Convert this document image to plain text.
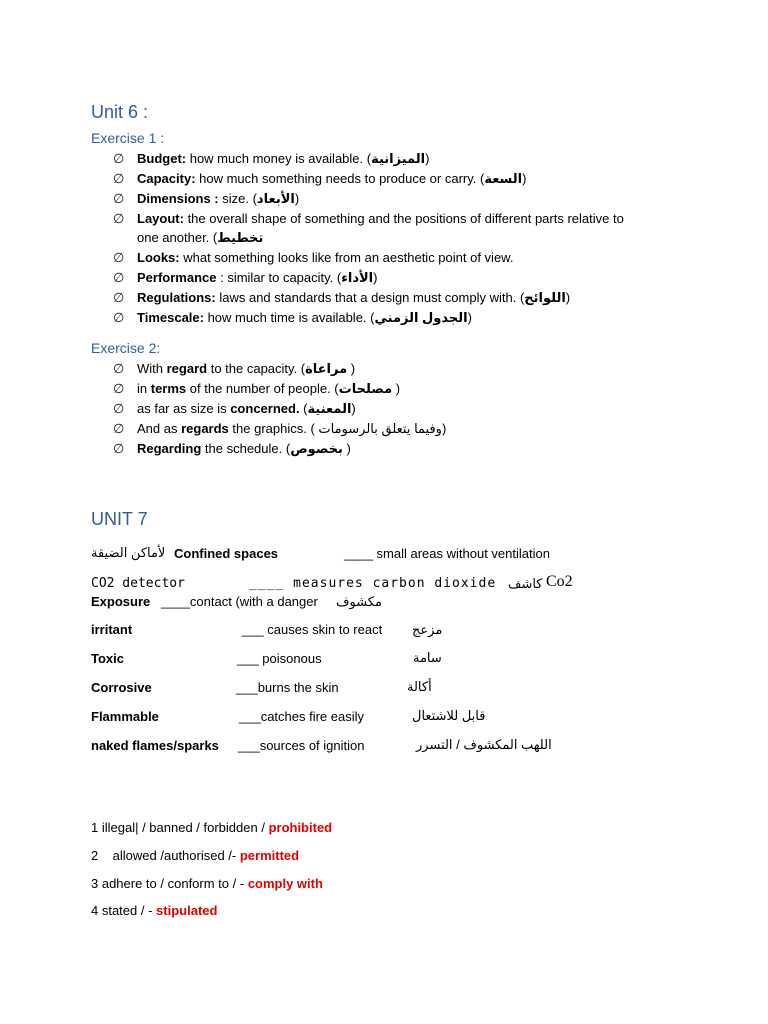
Unit 6 :
Exercise 1 :
∅ Budget: how much money is available. (الميزانية)
∅ Capacity: how much something needs to produce or carry. (السعة)
∅ Dimensions : size. (الأبعاد)
∅ Layout: the overall shape of something and the positions of different parts relative to
one another. (تخطيط
∅ Looks: what something looks like from an aesthetic point of view.
∅ Performance : similar to capacity. (الأداء)
∅ Regulations: laws and standards that a design must comply with. (اللوائح)
∅ Timescale: how much time is available. (الجدول الزمني)
Exercise 2:
∅ With regard to the capacity. (مراعاة )
∅ in terms of the number of people. (مصلحات )
∅ as far as size is concerned. (المعنية)
∅ And as regards the graphics. ( وفيما يتعلق بالرسومات)
∅ Regarding the schedule. (بخصوص )
UNIT 7
لأماكن الضيقة Confined spaces	____ small areas without ventilation
CO2 detector	____ measures carbon dioxide كاشف Co2
Exposure ____contact (with a danger مكشوف
irritant	___ causes skin to react مزعج
Toxic	___ poisonous	سامة
Corrosive	___burns the skin	أكالة
Flammable	___catches fire easily	قابل للاشتعال
naked flames/sparks ___sources of ignition	اللهب المكشوف / التسرر
1 illegal| / banned / forbidden / prohibited
2    allowed /authorised /- permitted
3 adhere to / conform to / - comply with
4 stated / - stipulated
